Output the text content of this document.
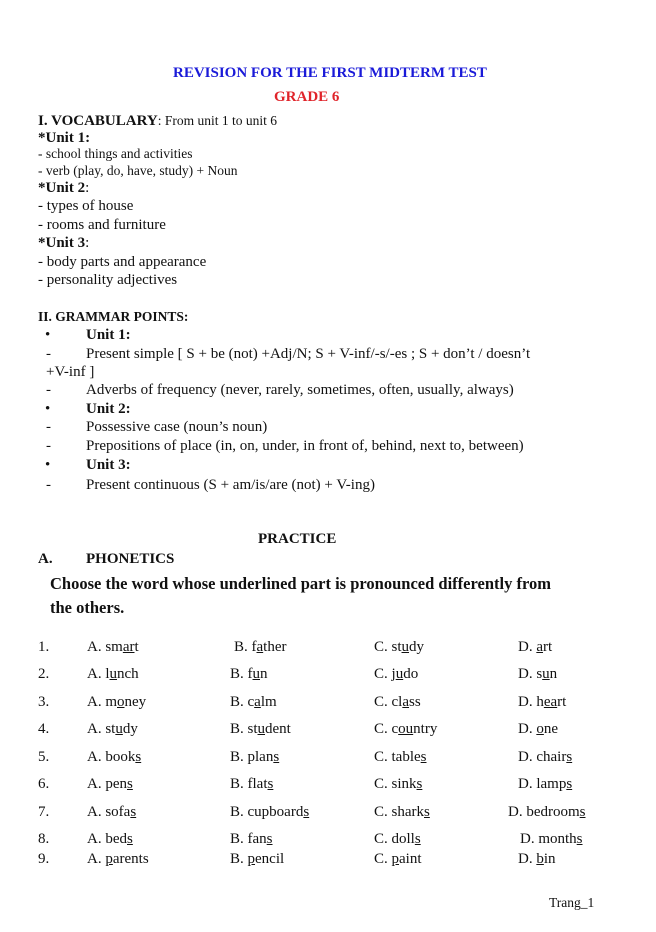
REVISION FOR THE FIRST MIDTERM TEST
GRADE 6
I. VOCABULARY: From unit 1 to unit 6
*Unit 1:
- school things and activities
- verb (play, do, have, study) + Noun
*Unit 2:
- types of house
- rooms and furniture
*Unit 3:
- body parts and appearance
- personality adjectives
II. GRAMMAR POINTS:
• Unit 1:
- Present simple [ S + be (not) +Adj/N; S + V-inf/-s/-es ; S + don’t / doesn’t
+V-inf ]
- Adverbs of frequency (never, rarely, sometimes, often, usually, always)
• Unit 2:
- Possessive case (noun’s noun)
- Prepositions of place (in, on, under, in front of, behind, next to, between)
• Unit 3:
- Present continuous (S + am/is/are (not) + V-ing)
PRACTICE
A. PHONETICS
Choose the word whose underlined part is pronounced differently from
the others.
1.	A. smart	B. father	C. study	D. art
2.	A. lunch	B. fun	C. judo	D. sun
3.	A. money	B. calm	C. class	D. heart
4.	A. study	B. student	C. country	D. one
5.	A. books	B. plans	C. tables	D. chairs
6.	A. pens	B. flats	C. sinks	D. lamps
7.	A. sofas	B. cupboards	C. sharks	D. bedrooms
8.	A. beds	B. fans	C. dolls	D. months
9.	A. parents	B. pencil	C. paint	D. bin
Trang_1
